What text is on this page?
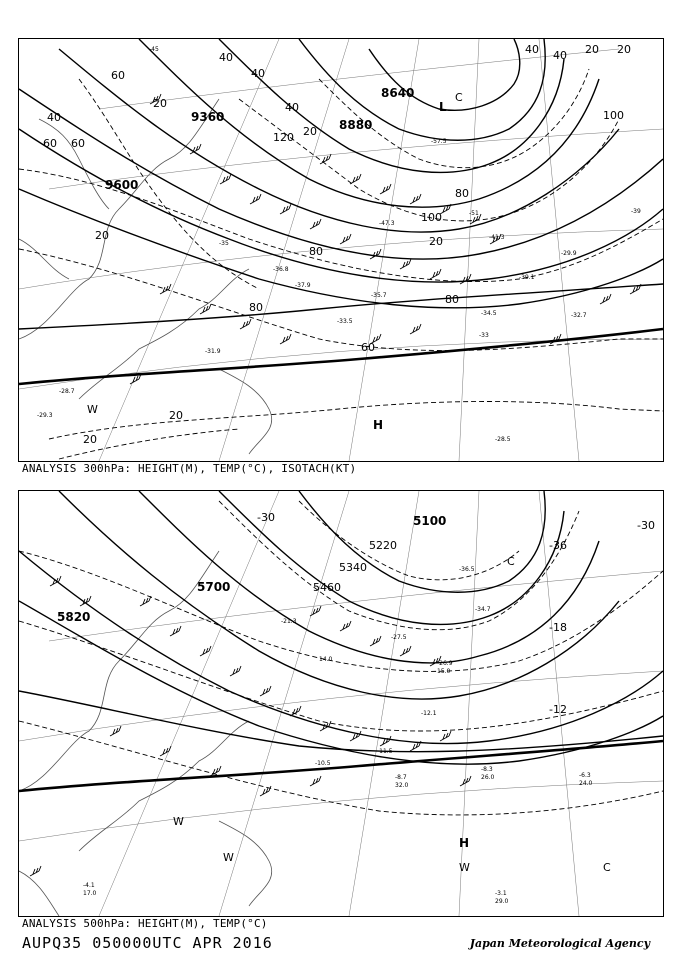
9360
8880
8640
9600
60
40
20
40
60
40
20
40
20
80
100
80
100
120
20
80
60
20
20
20
40
40	20
60
80
L
H
W
C
-45
-39.1
-34.5
-33
-31.9
-28.7
-29.3
-57.5
-51
-47.3
-41.3
-36.8
-35.7
-37.9
-33.5
-39
-32.7
-35
-28.5
-29.9
ANALYSIS 300hPa: HEIGHT(M), TEMP(°C), ISOTACH(KT)
5820
5700	5460
5340
5220
5100
-30
-36
-30
-18
-12
H
W
W
C
C
W
-8.7
32.0
-8.3
26.0	-6.3
24.0
-3.1
29.0
-11.5
-10.5
-12.1
-21.3
-27.5
-34.7
-36.5
-26.9
15.0
14.0
-4.1
17.0
ANALYSIS 500hPa: HEIGHT(M), TEMP(°C)
AUPQ35 050000UTC APR 2016	Japan Meteorological Agency
